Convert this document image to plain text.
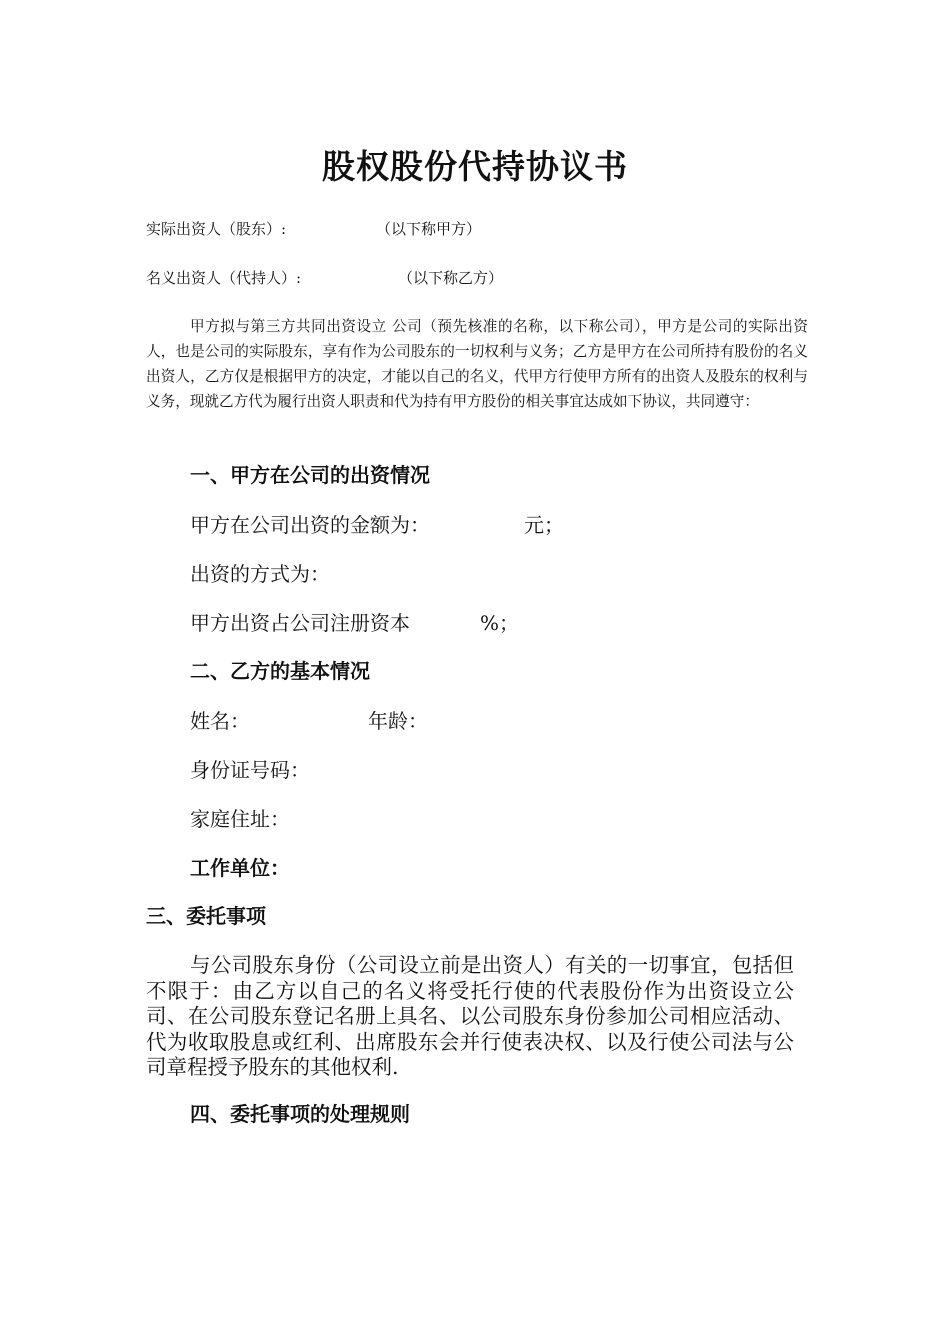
股权股份代持协议书
实际出资人（股东）:	（以下称甲方）
名义出资人（代持人）:	（以下称乙方）
甲方拟与第三方共同出资设立 公司（预先核准的名称，以下称公司），甲方是公司的实际出资人，也是公司的实际股东，享有作为公司股东的一切权利与义务；乙方是甲方在公司所持有股份的名义出资人，乙方仅是根据甲方的决定，才能以自己的名义，代甲方行使甲方所有的出资人及股东的权利与义务，现就乙方代为履行出资人职责和代为持有甲方股份的相关事宜达成如下协议，共同遵守：
一、甲方在公司的出资情况
甲方在公司出资的金额为：	元；
出资的方式为：
甲方出资占公司注册资本	%；
二、乙方的基本情况
姓名：	年龄：
身份证号码：
家庭住址：
工作单位：
三、委托事项
与公司股东身份（公司设立前是出资人）有关的一切事宜，包括但不限于：由乙方以自己的名义将受托行使的代表股份作为出资设立公司、在公司股东登记名册上具名、以公司股东身份参加公司相应活动、代为收取股息或红利、出席股东会并行使表决权、以及行使公司法与公司章程授予股东的其他权利.
四、委托事项的处理规则
